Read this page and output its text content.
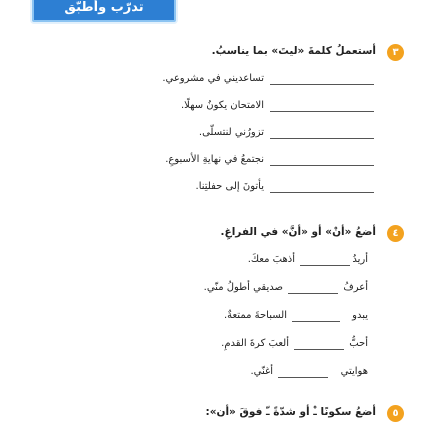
تدرّب وأطبّق
٣
أستعملُ كلمةَ «ليتَ» بما يناسبُ.
تساعديني في مشروعي.
الامتحان يكونُ سهلًا.
تزورُني لنتسلّى.
نجتمعُ في نهايةِ الأسبوعِ.
يأتونَ إلى حفلتِنا.
٤
أضعُ «أنْ» أو «أنَّ» في الفراغِ.
أريدُ
أذهبَ معكَ.
أعرفُ
صديقي أطولُ منّي.
يبدو
السباحةَ ممتعةٌ.
أحبُّ
ألعبَ كرةَ القدمِ.
هوايتي
أغنّي.
٥
أضعُ سكونًا ـْ أو شدّةً ـّ فوقَ «أن»:
